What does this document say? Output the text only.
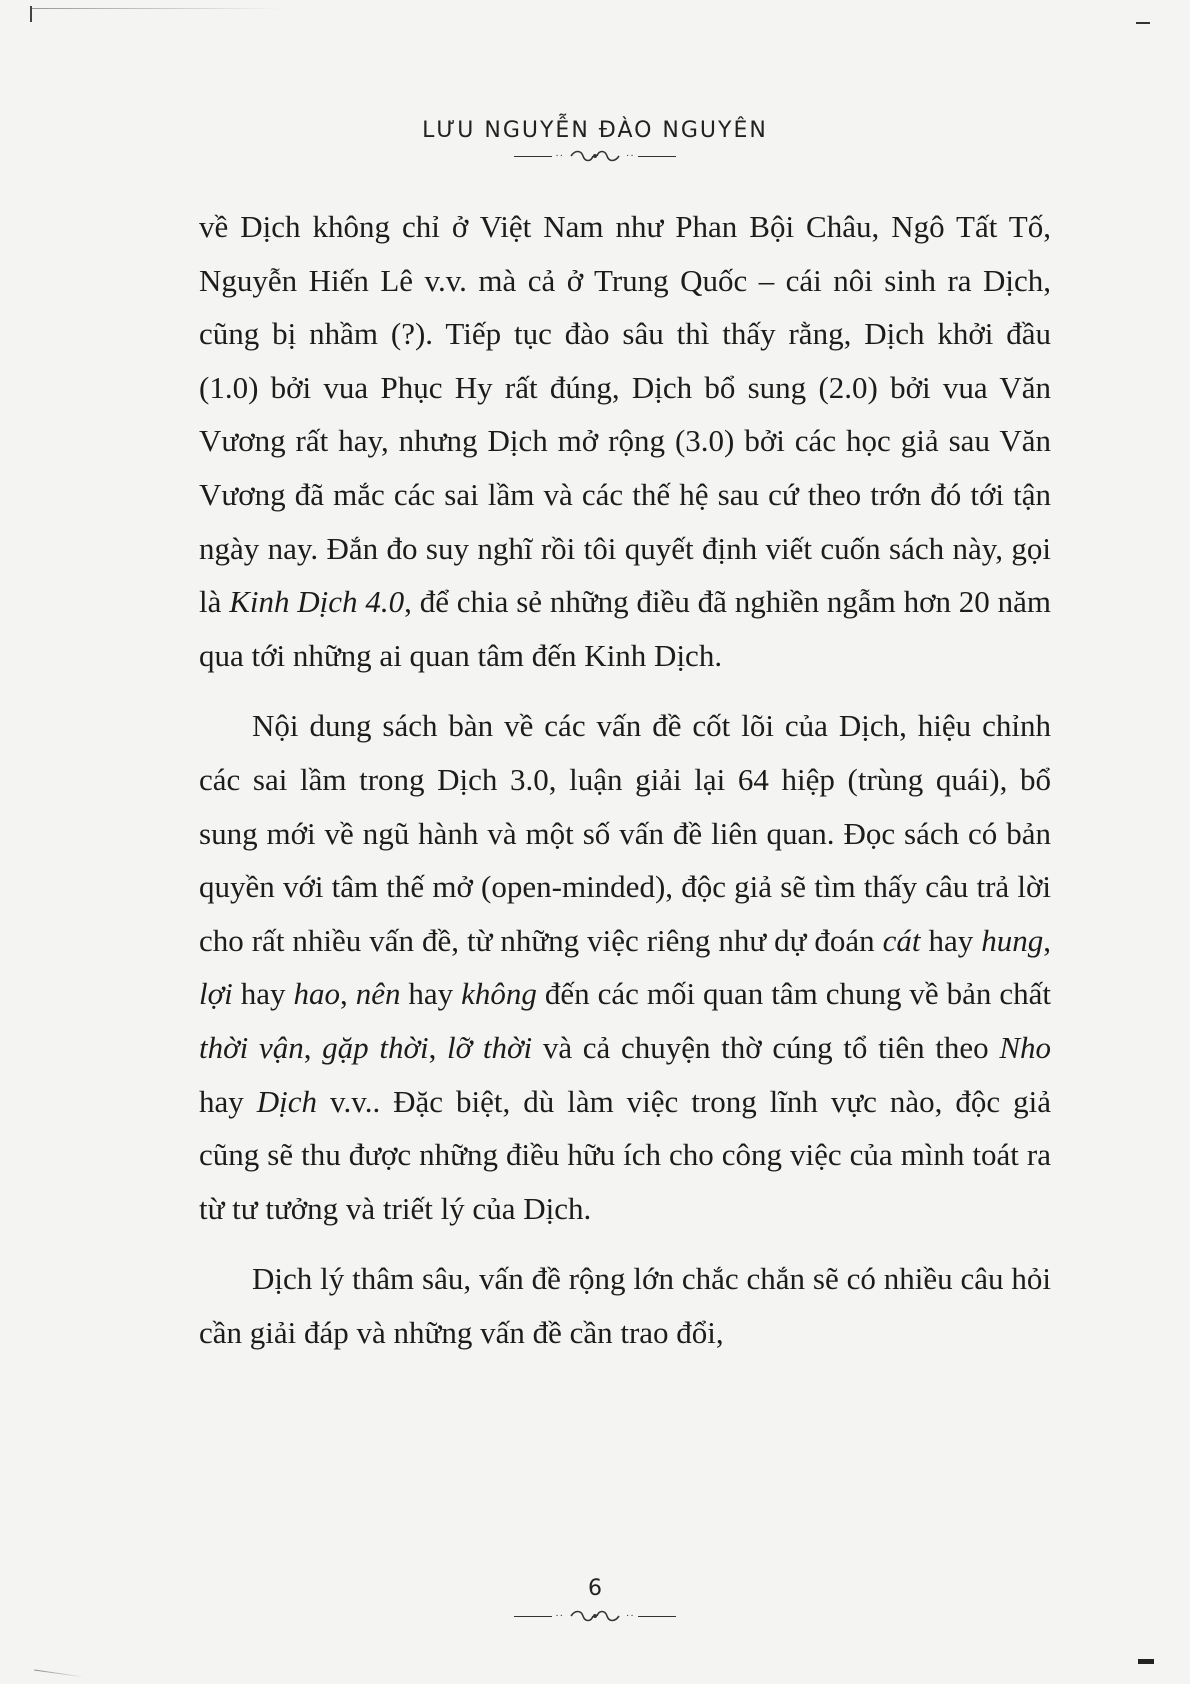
LƯU NGUYỄN ĐÀO NGUYÊN
··	··

về Dịch không chỉ ở Việt Nam như Phan Bội Châu, Ngô Tất Tố, Nguyễn Hiến Lê v.v. mà cả ở Trung Quốc – cái nôi sinh ra Dịch, cũng bị nhầm (?). Tiếp tục đào sâu thì thấy rằng, Dịch khởi đầu (1.0) bởi vua Phục Hy rất đúng, Dịch bổ sung (2.0) bởi vua Văn Vương rất hay, nhưng Dịch mở rộng (3.0) bởi các học giả sau Văn Vương đã mắc các sai lầm và các thế hệ sau cứ theo trớn đó tới tận ngày nay. Đắn đo suy nghĩ rồi tôi quyết định viết cuốn sách này, gọi là Kinh Dịch 4.0, để chia sẻ những điều đã nghiền ngẫm hơn 20 năm qua tới những ai quan tâm đến Kinh Dịch.

Nội dung sách bàn về các vấn đề cốt lõi của Dịch, hiệu chỉnh các sai lầm trong Dịch 3.0, luận giải lại 64 hiệp (trùng quái), bổ sung mới về ngũ hành và một số vấn đề liên quan. Đọc sách có bản quyền với tâm thế mở (open-minded), độc giả sẽ tìm thấy câu trả lời cho rất nhiều vấn đề, từ những việc riêng như dự đoán cát hay hung, lợi hay hao, nên hay không đến các mối quan tâm chung về bản chất thời vận, gặp thời, lỡ thời và cả chuyện thờ cúng tổ tiên theo Nho hay Dịch v.v.. Đặc biệt, dù làm việc trong lĩnh vực nào, độc giả cũng sẽ thu được những điều hữu ích cho công việc của mình toát ra từ tư tưởng và triết lý của Dịch.

Dịch lý thâm sâu, vấn đề rộng lớn chắc chắn sẽ có nhiều câu hỏi cần giải đáp và những vấn đề cần trao đổi,

6
··	··
